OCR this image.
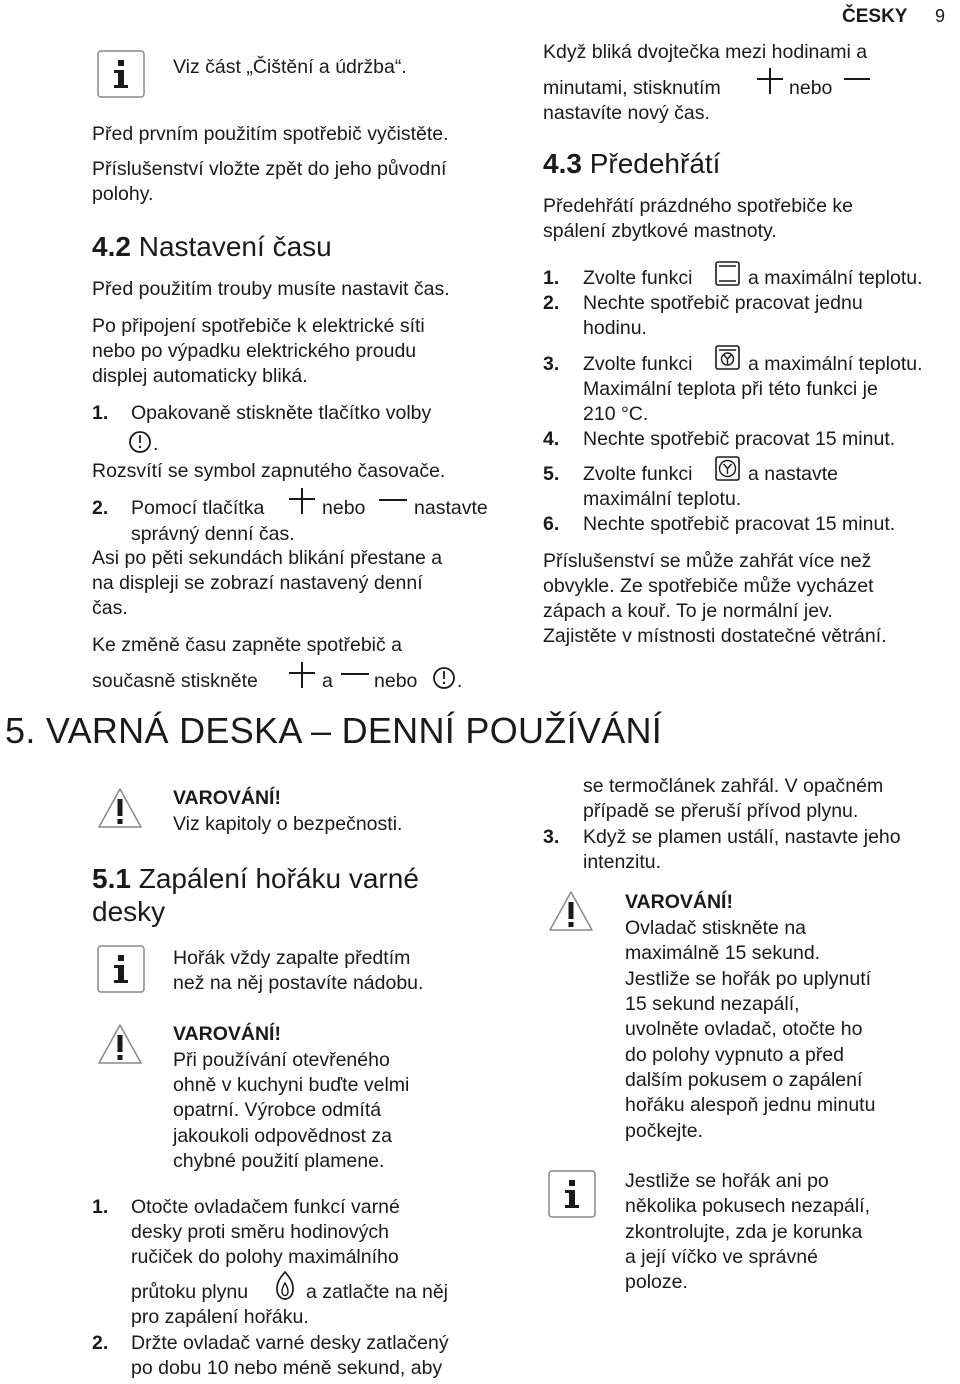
ČESKY 9
Viz část „Čištění a údržba“.
Před prvním použitím spotřebič vyčistěte.
Příslušenství vložte zpět do jeho původní
polohy.
4.2 Nastavení času
Před použitím trouby musíte nastavit čas.
Po připojení spotřebiče k elektrické síti
nebo po výpadku elektrického proudu
displej automaticky bliká.
1. Opakovaně stiskněte tlačítko volby
.
Rozsvítí se symbol zapnutého časovače.
2. Pomocí tlačítka	nebo nastavte
správný denní čas.
Asi po pěti sekundách blikání přestane a
na displeji se zobrazí nastavený denní
čas.
Ke změně času zapněte spotřebič a
současně stiskněte	a nebo .
Když bliká dvojtečka mezi hodinami a
minutami, stisknutím	nebo
nastavíte nový čas.
4.3 Předehřátí
Předehřátí prázdného spotřebiče ke
spálení zbytkové mastnoty.
1. Zvolte funkci	a maximální teplotu.
2. Nechte spotřebič pracovat jednu
hodinu.
3. Zvolte funkci	a maximální teplotu.
Maximální teplota při této funkci je
210 °C.
4. Nechte spotřebič pracovat 15 minut.
5. Zvolte funkci	a nastavte
maximální teplotu.
6. Nechte spotřebič pracovat 15 minut.
Příslušenství se může zahřát více než
obvykle. Ze spotřebiče může vycházet
zápach a kouř. To je normální jev.
Zajistěte v místnosti dostatečné větrání.
5. VARNÁ DESKA – DENNÍ POUŽÍVÁNÍ
VAROVÁNÍ!
Viz kapitoly o bezpečnosti.
5.1 Zapálení hořáku varné
desky
Hořák vždy zapalte předtím
než na něj postavíte nádobu.
VAROVÁNÍ!
Při používání otevřeného
ohně v kuchyni buďte velmi
opatrní. Výrobce odmítá
jakoukoli odpovědnost za
chybné použití plamene.
1. Otočte ovladačem funkcí varné
desky proti směru hodinových
ručiček do polohy maximálního
průtoku plynu	a zatlačte na něj
pro zapálení hořáku.
2. Držte ovladač varné desky zatlačený
po dobu 10 nebo méně sekund, aby
se termočlánek zahřál. V opačném
případě se přeruší přívod plynu.
3. Když se plamen ustálí, nastavte jeho
intenzitu.
VAROVÁNÍ!
Ovladač stiskněte na
maximálně 15 sekund.
Jestliže se hořák po uplynutí
15 sekund nezapálí,
uvolněte ovladač, otočte ho
do polohy vypnuto a před
dalším pokusem o zapálení
hořáku alespoň jednu minutu
počkejte.
Jestliže se hořák ani po
několika pokusech nezapálí,
zkontrolujte, zda je korunka
a její víčko ve správné
poloze.
